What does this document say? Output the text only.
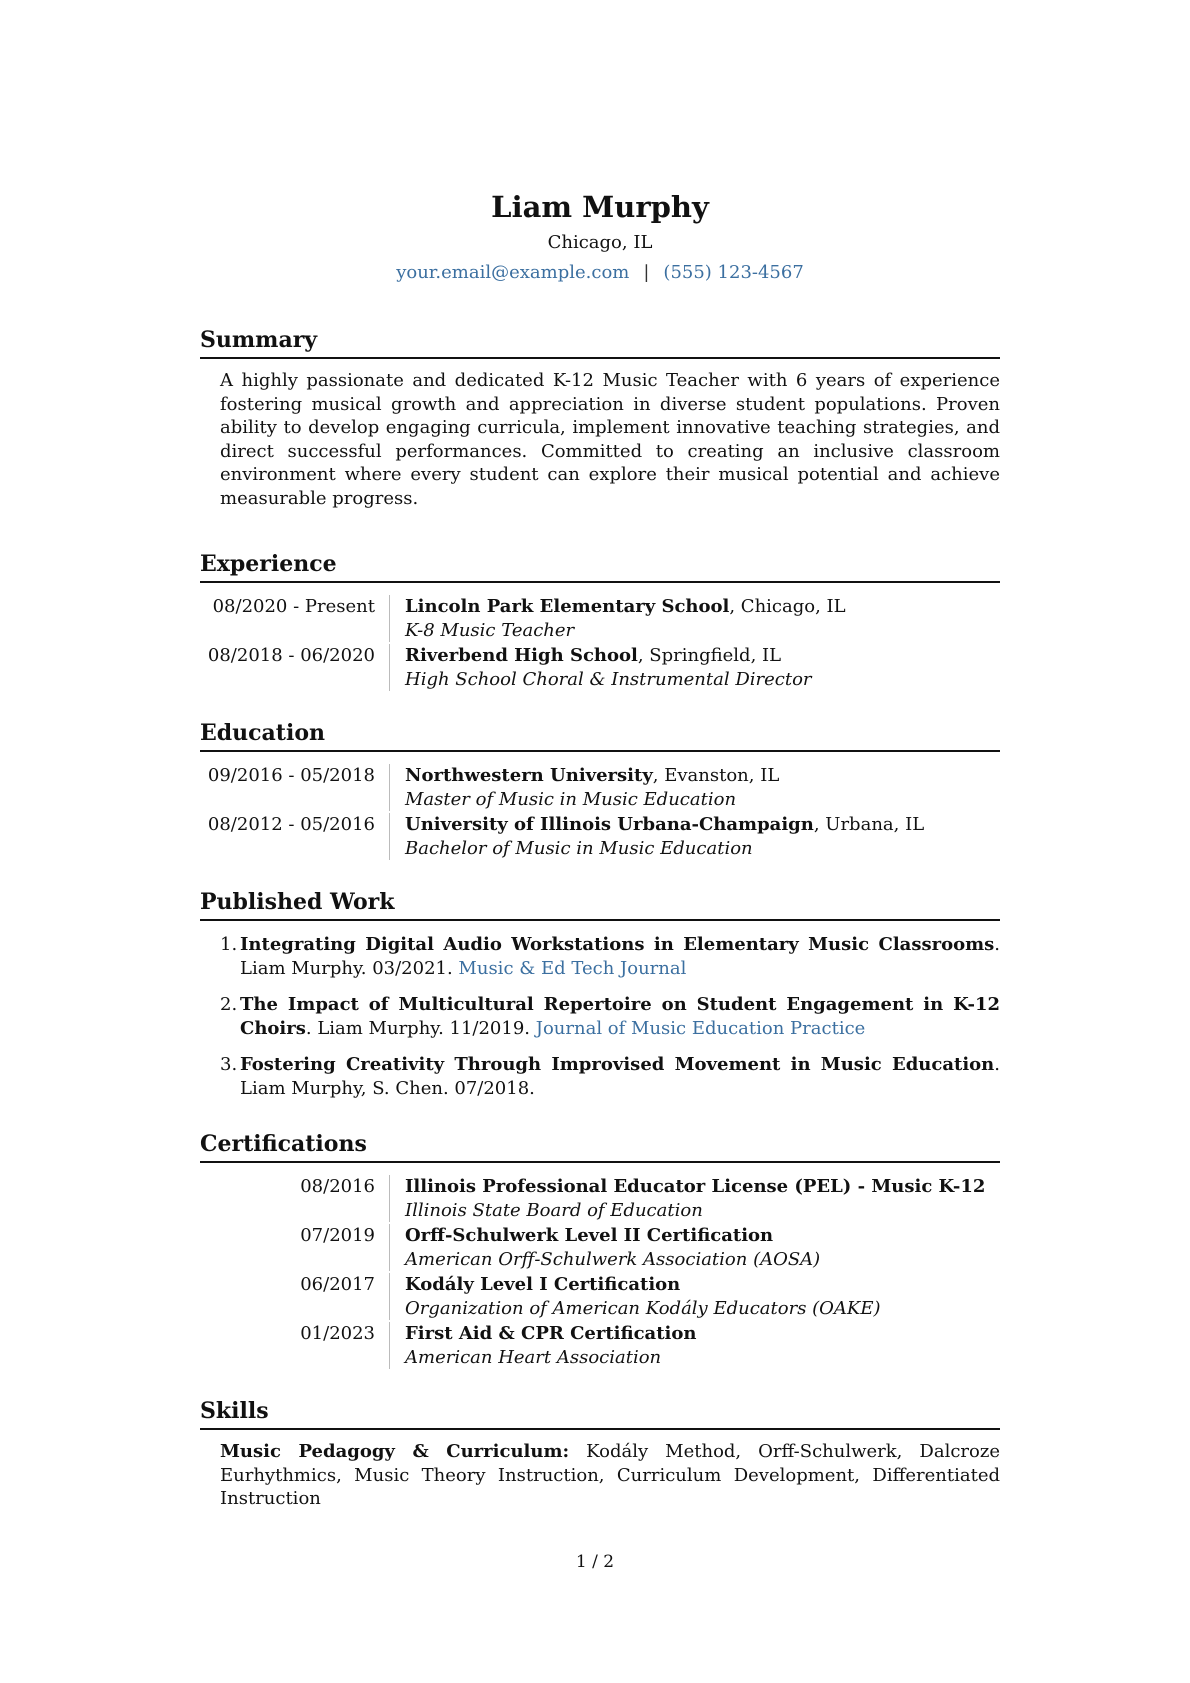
Liam Murphy
Chicago, IL
your.email@example.com | (555) 123-4567
Summary
A highly passionate and dedicated K-12 Music Teacher with 6 years of experience fostering musical growth and appreciation in diverse student populations. Proven ability to develop engaging curricula, implement innovative teaching strategies, and direct successful performances. Committed to creating an inclusive classroom environment where every student can explore their musical potential and achieve measurable progress.
Experience
08/2020 - Present	Lincoln Park Elementary School, Chicago, IL
K-8 Music Teacher
08/2018 - 06/2020	Riverbend High School, Springfield, IL
High School Choral & Instrumental Director
Education
09/2016 - 05/2018	Northwestern University, Evanston, IL
Master of Music in Music Education
08/2012 - 05/2016	University of Illinois Urbana-Champaign, Urbana, IL
Bachelor of Music in Music Education
Published Work
1. Integrating Digital Audio Workstations in Elementary Music Classrooms. Liam Murphy. 03/2021. Music & Ed Tech Journal
2. The Impact of Multicultural Repertoire on Student Engagement in K-12 Choirs. Liam Murphy. 11/2019. Journal of Music Education Practice
3. Fostering Creativity Through Improvised Movement in Music Education. Liam Murphy, S. Chen. 07/2018.
Certifications
08/2016	Illinois Professional Educator License (PEL) - Music K-12
Illinois State Board of Education
07/2019	Orff-Schulwerk Level II Certification
American Orff-Schulwerk Association (AOSA)
06/2017	Kodály Level I Certification
Organization of American Kodály Educators (OAKE)
01/2023	First Aid & CPR Certification
American Heart Association
Skills
Music Pedagogy & Curriculum: Kodály Method, Orff-Schulwerk, Dalcroze Eurhythmics, Music Theory Instruction, Curriculum Development, Differentiated Instruction
1 / 2
